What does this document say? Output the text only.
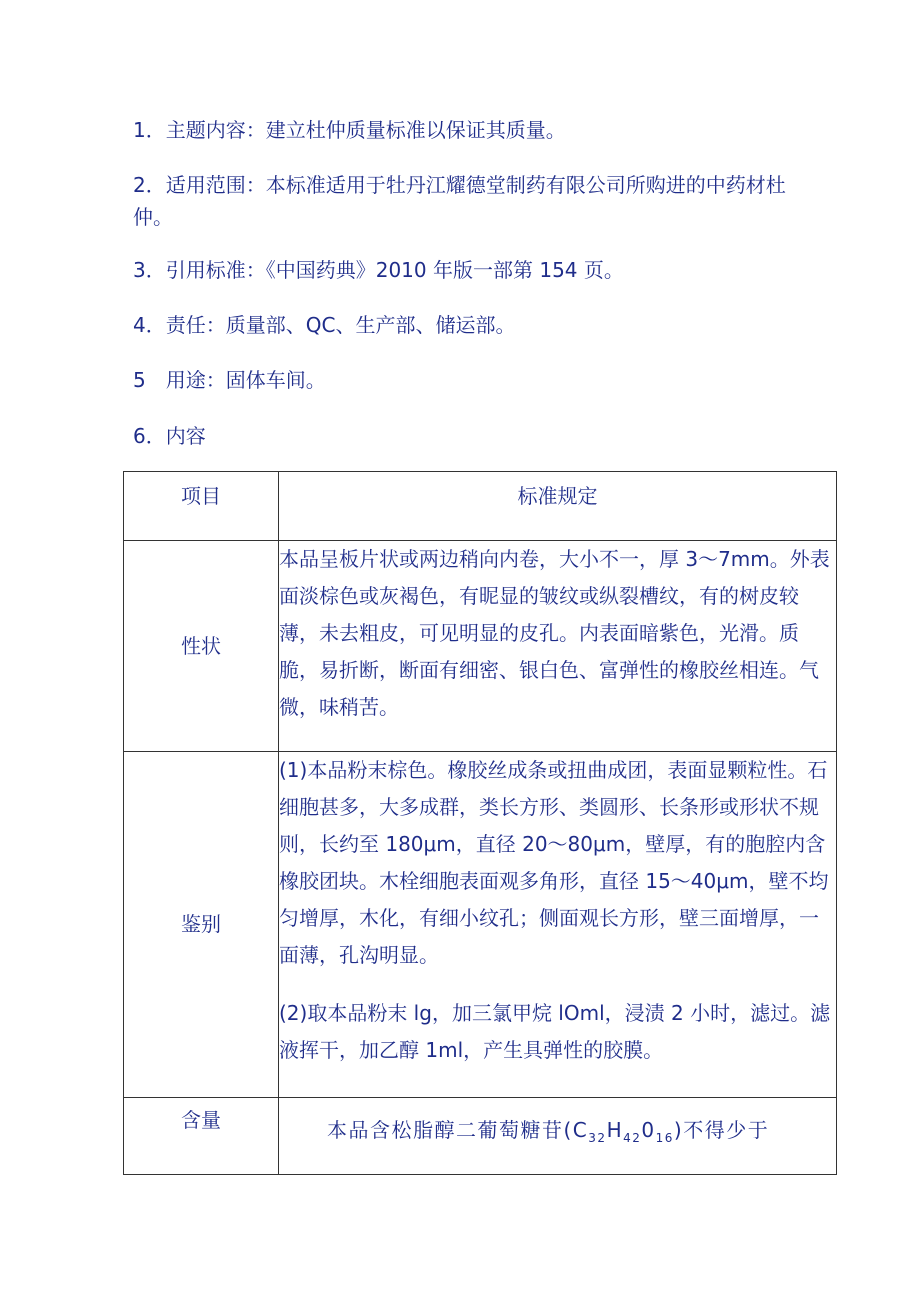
1．主题内容：建立杜仲质量标准以保证其质量。

2．适用范围：本标准适用于牡丹江耀德堂制药有限公司所购进的中药材杜仲。

3．引用标准：《中国药典》2010 年版一部第 154 页。

4．责任：质量部、QC、生产部、储运部。

5　用途：固体车间。

6．内容

项目	标准规定
性状	本品呈板片状或两边稍向内卷，大小不一，厚 3～7mm。外表面淡棕色或灰褐色，有昵显的皱纹或纵裂槽纹，有的树皮较薄，未去粗皮，可见明显的皮孔。内表面暗紫色，光滑。质脆，易折断，断面有细密、银白色、富弹性的橡胶丝相连。气微，味稍苦。

鉴别	(1)本品粉末棕色。橡胶丝成条或扭曲成团，表面显颗粒性。石细胞甚多，大多成群，类长方形、类圆形、长条形或形状不规则，长约至 180μm，直径 20～80μm，壁厚，有的胞腔内含橡胶团块。木栓细胞表面观多角形，直径 15～40μm，壁不均匀增厚，木化，有细小纹孔；侧面观长方形，壁三面增厚，一面薄，孔沟明显。

(2)取本品粉末 lg，加三氯甲烷 lOml，浸渍 2 小时，滤过。滤液挥干，加乙醇 1ml，产生具弹性的胶膜。

含量	本品含松脂醇二葡萄糖苷$(C_{32}H_{42}0_{16})$不得少于
